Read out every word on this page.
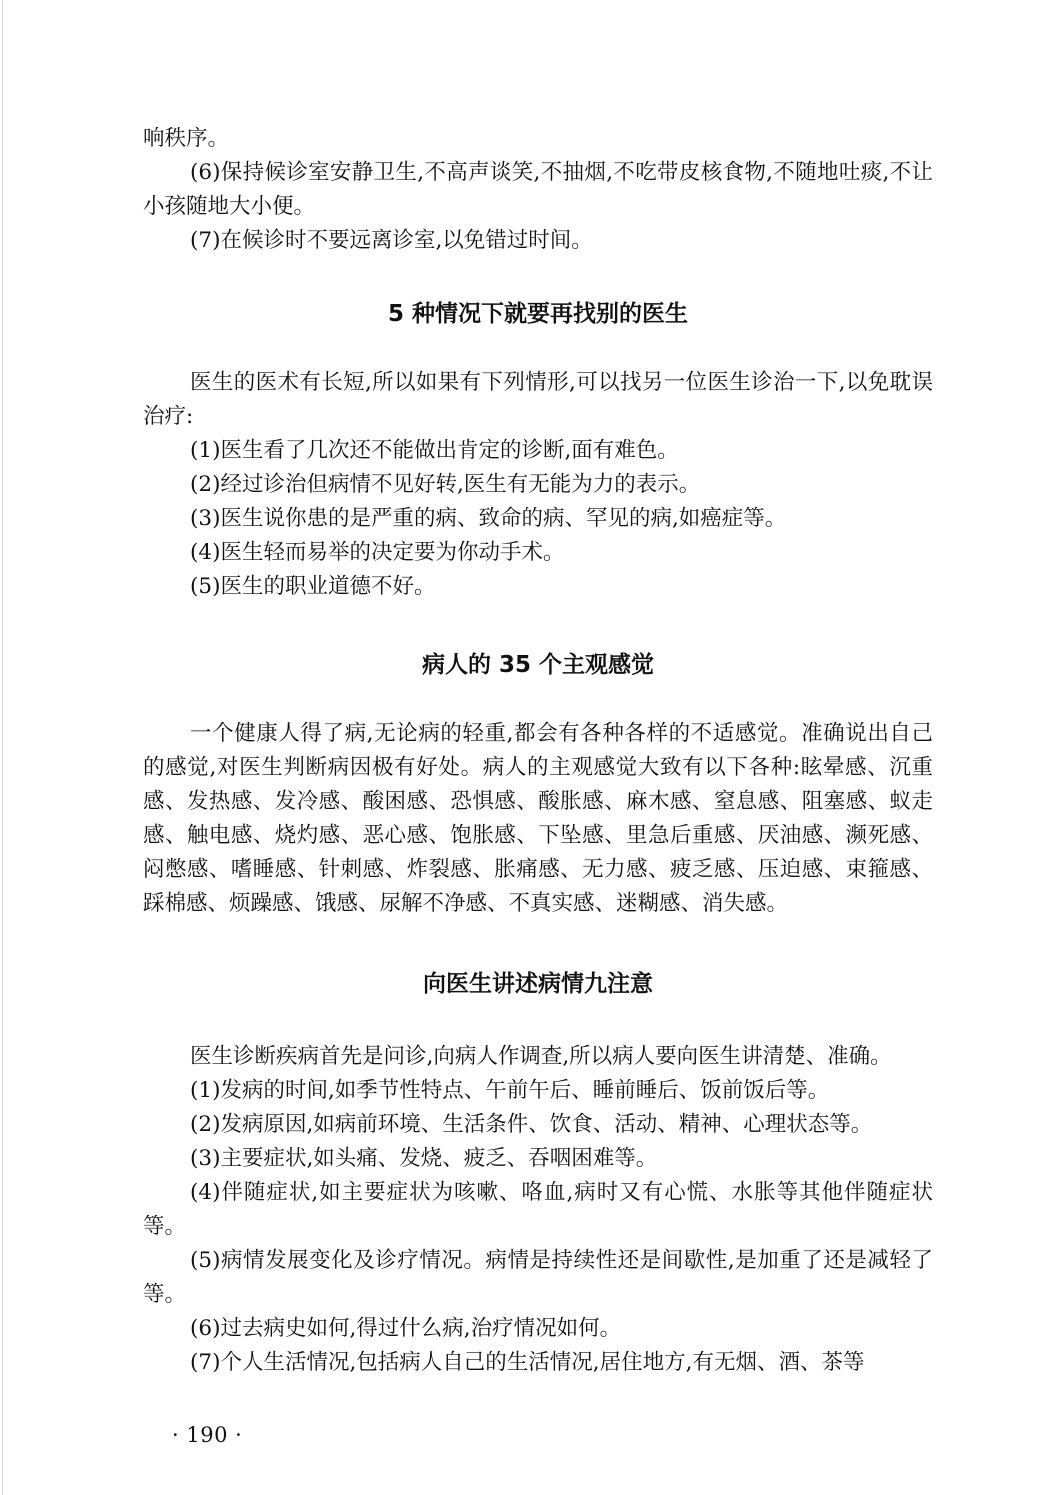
响秩序。

(6)保持候诊室安静卫生,不高声谈笑,不抽烟,不吃带皮核食物,不随地吐痰,不让小孩随地大小便。

(7)在候诊时不要远离诊室,以免错过时间。

5 种情况下就要再找别的医生

医生的医术有长短,所以如果有下列情形,可以找另一位医生诊治一下,以免耽误治疗:

(1)医生看了几次还不能做出肯定的诊断,面有难色。

(2)经过诊治但病情不见好转,医生有无能为力的表示。

(3)医生说你患的是严重的病、致命的病、罕见的病,如癌症等。

(4)医生轻而易举的决定要为你动手术。

(5)医生的职业道德不好。

病人的 35 个主观感觉

一个健康人得了病,无论病的轻重,都会有各种各样的不适感觉。准确说出自己的感觉,对医生判断病因极有好处。病人的主观感觉大致有以下各种:眩晕感、沉重感、发热感、发冷感、酸困感、恐惧感、酸胀感、麻木感、窒息感、阻塞感、蚁走感、触电感、烧灼感、恶心感、饱胀感、下坠感、里急后重感、厌油感、濒死感、闷憋感、嗜睡感、针刺感、炸裂感、胀痛感、无力感、疲乏感、压迫感、束箍感、踩棉感、烦躁感、饿感、尿解不净感、不真实感、迷糊感、消失感。

向医生讲述病情九注意

医生诊断疾病首先是问诊,向病人作调查,所以病人要向医生讲清楚、准确。

(1)发病的时间,如季节性特点、午前午后、睡前睡后、饭前饭后等。

(2)发病原因,如病前环境、生活条件、饮食、活动、精神、心理状态等。

(3)主要症状,如头痛、发烧、疲乏、吞咽困难等。

(4)伴随症状,如主要症状为咳嗽、咯血,病时又有心慌、水胀等其他伴随症状等。

(5)病情发展变化及诊疗情况。病情是持续性还是间歇性,是加重了还是减轻了等。

(6)过去病史如何,得过什么病,治疗情况如何。

(7)个人生活情况,包括病人自己的生活情况,居住地方,有无烟、酒、茶等

· 190 ·
